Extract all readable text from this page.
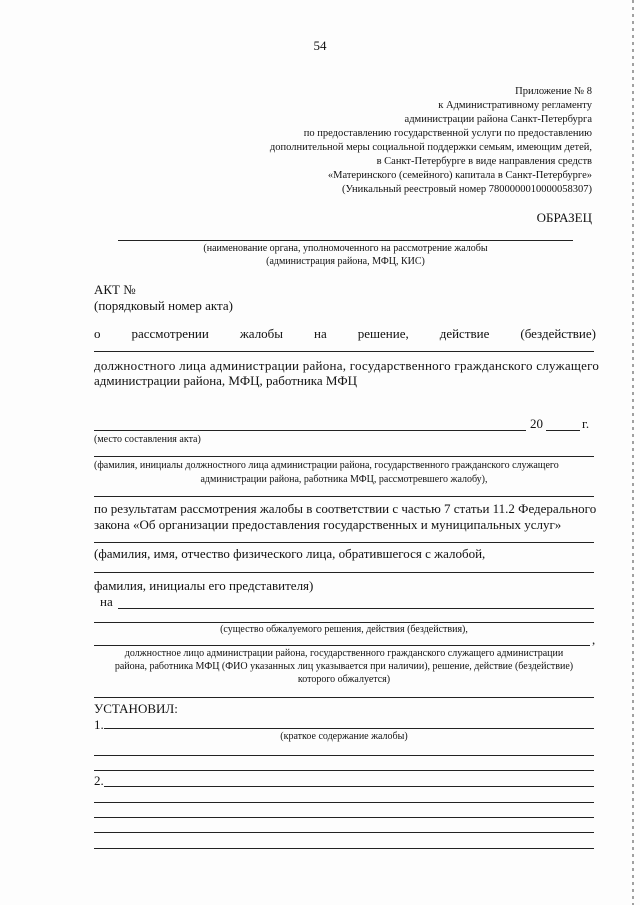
54
Приложение № 8
к Административному регламенту
администрации района Санкт-Петербурга
по предоставлению государственной услуги по предоставлению
дополнительной меры социальной поддержки семьям, имеющим детей,
в Санкт-Петербурге в виде направления средств
«Материнского (семейного) капитала в Санкт-Петербурге»
(Уникальный реестровый номер 7800000010000058307)
ОБРАЗЕЦ
(наименование органа, уполномоченного на рассмотрение жалобы
(администрация района, МФЦ, КИС)
АКТ №
(порядковый номер акта)
о рассмотрении жалобы на решение, действие (бездействие)
должностного лица администрации района, государственного гражданского служащего
администрации района, МФЦ, работника МФЦ
20	г.
(место составления акта)
(фамилия, инициалы должностного лица администрации района, государственного гражданского служащего
администрации района, работника МФЦ, рассмотревшего жалобу),
по результатам рассмотрения жалобы в соответствии с частью 7 статьи 11.2 Федерального
закона «Об организации предоставления государственных и муниципальных услуг»
(фамилия, имя, отчество физического лица, обратившегося с жалобой,
фамилия, инициалы его представителя)
на
(существо обжалуемого решения, действия (бездействия),
,
должностное лицо администрации района, государственного гражданского служащего администрации
района, работника МФЦ (ФИО указанных лиц указывается при наличии), решение, действие (бездействие)
которого обжалуется)
УСТАНОВИЛ:
1.
(краткое содержание жалобы)
2.
